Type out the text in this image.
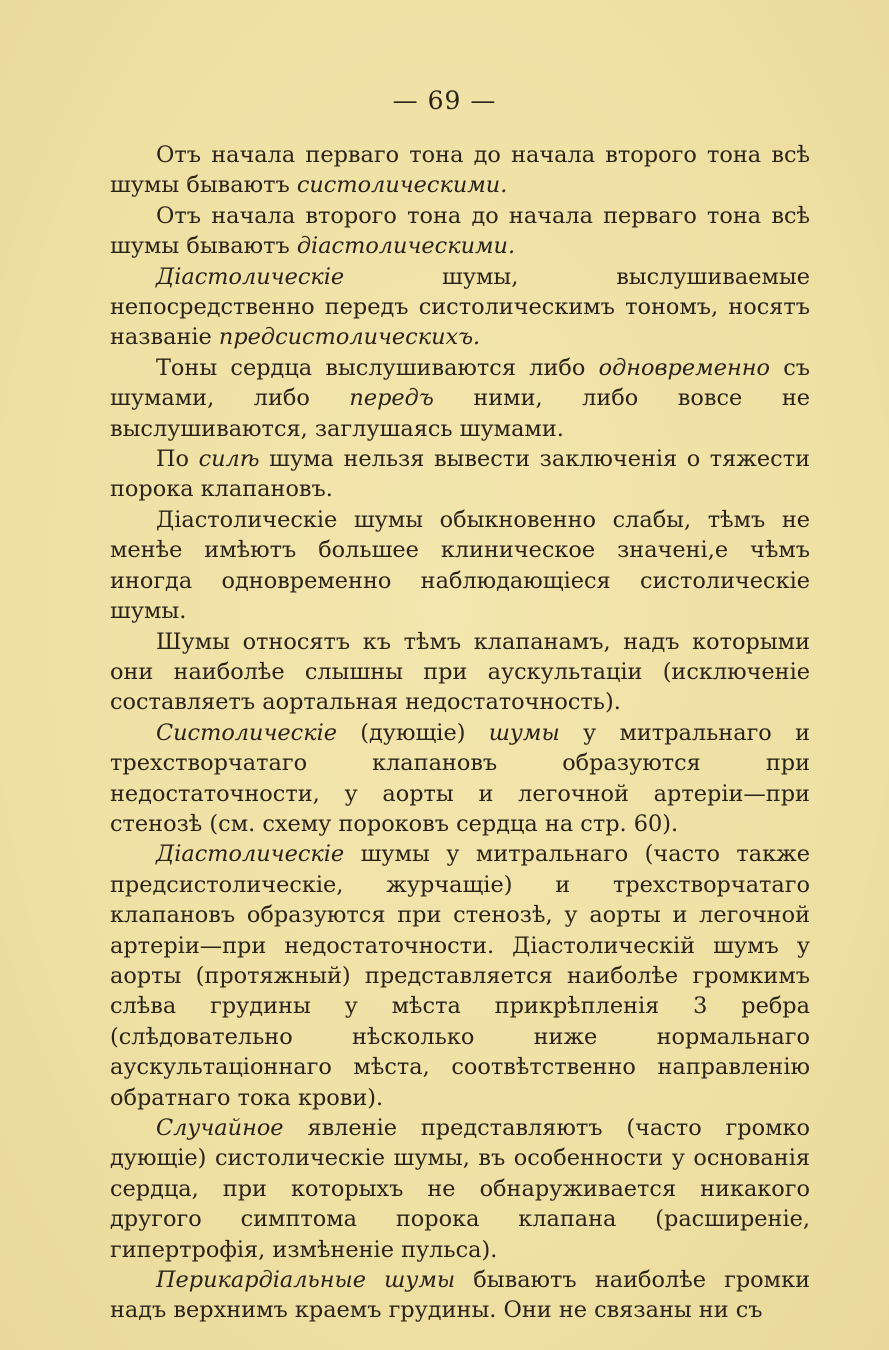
— 69 —

Отъ начала перваго тона до начала второго тона всѣ шумы бываютъ систолическими.

Отъ начала второго тона до начала перваго тона всѣ шумы бываютъ діастолическими.

Діастолическіе шумы, выслушиваемые непосредственно передъ систолическимъ тономъ, носятъ названіе предсистолическихъ.

Тоны сердца выслушиваются либо одновременно съ шумами, либо передъ ними, либо вовсе не выслушиваются, заглушаясь шумами.

По силѣ шума нельзя вывести заключенія о тяжести порока клапановъ.

Діастолическіе шумы обыкновенно слабы, тѣмъ не менѣе имѣютъ большее клиническое значені,е чѣмъ иногда одновременно наблюдающіеся систолическіе шумы.

Шумы относятъ къ тѣмъ клапанамъ, надъ которыми они наиболѣе слышны при аускультаціи (исключеніе составляетъ аортальная недостаточность).

Систолическіе (дующіе) шумы у митральнаго и трехстворчатаго клапановъ образуются при недостаточности, у аорты и легочной артеріи—при стенозѣ (см. схему пороковъ сердца на стр. 60).

Діастолическіе шумы у митральнаго (часто также предсистолическіе, журчащіе) и трехстворчатаго клапановъ образуются при стенозѣ, у аорты и легочной артеріи—при недостаточности. Діастолическій шумъ у аорты (протяжный) представляется наиболѣе громкимъ слѣва грудины у мѣста прикрѣпленія 3 ребра (слѣдовательно нѣсколько ниже нормальнаго аускультаціоннаго мѣста, соотвѣтственно направленію обратнаго тока крови).

Случайное явленіе представляютъ (часто громко дующіе) систолическіе шумы, въ особенности у основанія сердца, при которыхъ не обнаруживается никакого другого симптома порока клапана (расширеніе, гипертрофія, измѣненіе пульса).

Перикардіальные шумы бываютъ наиболѣе громки надъ верхнимъ краемъ грудины. Они не связаны ни съ
